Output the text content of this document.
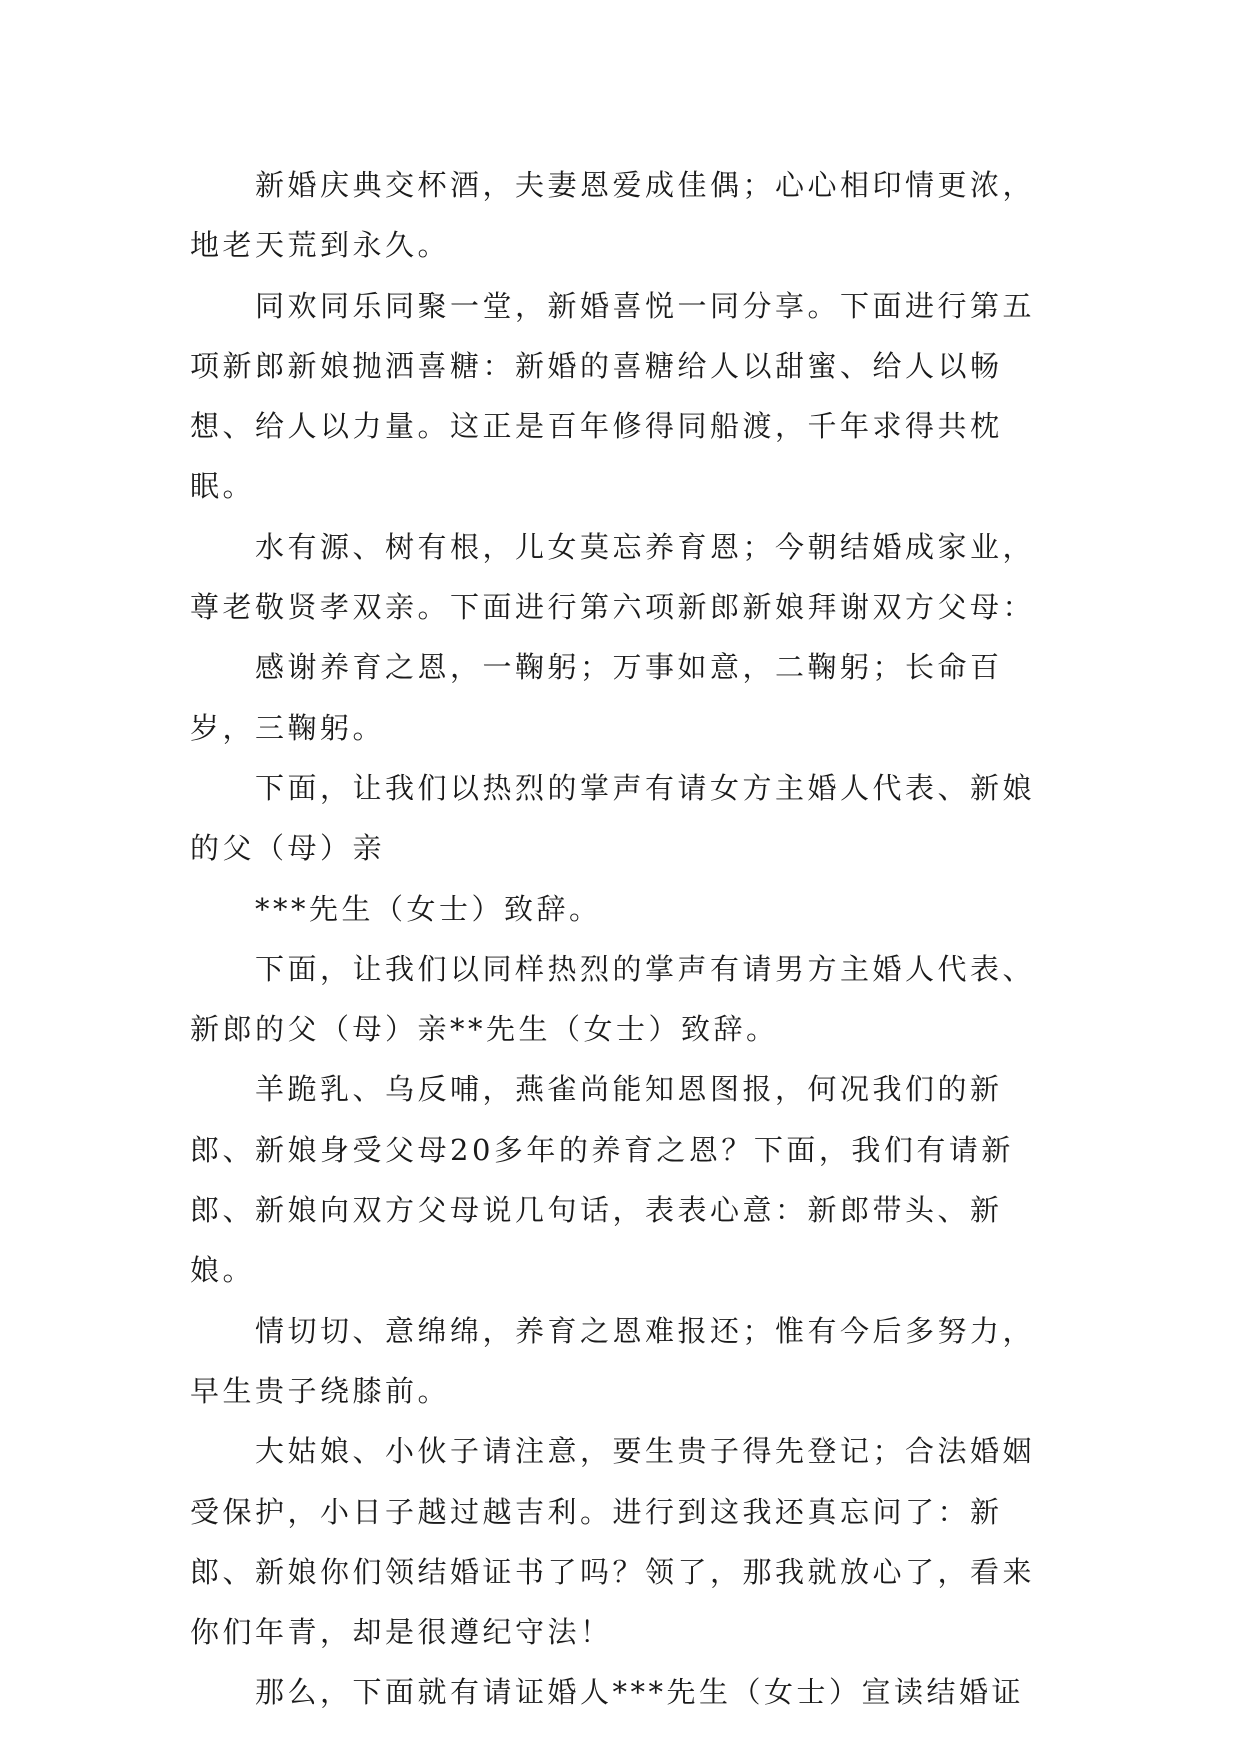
新婚庆典交杯酒，夫妻恩爱成佳偶；心心相印情更浓，地老天荒到永久。

同欢同乐同聚一堂，新婚喜悦一同分享。下面进行第五项新郎新娘抛洒喜糖：新婚的喜糖给人以甜蜜、给人以畅想、给人以力量。这正是百年修得同船渡，千年求得共枕眠。

水有源、树有根，儿女莫忘养育恩；今朝结婚成家业，尊老敬贤孝双亲。下面进行第六项新郎新娘拜谢双方父母：

感谢养育之恩，一鞠躬；万事如意，二鞠躬；长命百岁，三鞠躬。

下面，让我们以热烈的掌声有请女方主婚人代表、新娘的父（母）亲

***先生（女士）致辞。

下面，让我们以同样热烈的掌声有请男方主婚人代表、新郎的父（母）亲**先生（女士）致辞。

羊跪乳、乌反哺，燕雀尚能知恩图报，何况我们的新郎、新娘身受父母20多年的养育之恩？下面，我们有请新郎、新娘向双方父母说几句话，表表心意：新郎带头、新娘。

情切切、意绵绵，养育之恩难报还；惟有今后多努力，早生贵子绕膝前。

大姑娘、小伙子请注意，要生贵子得先登记；合法婚姻受保护，小日子越过越吉利。进行到这我还真忘问了：新郎、新娘你们领结婚证书了吗？领了，那我就放心了，看来你们年青，却是很遵纪守法！

那么，下面就有请证婚人***先生（女士）宣读结婚证
